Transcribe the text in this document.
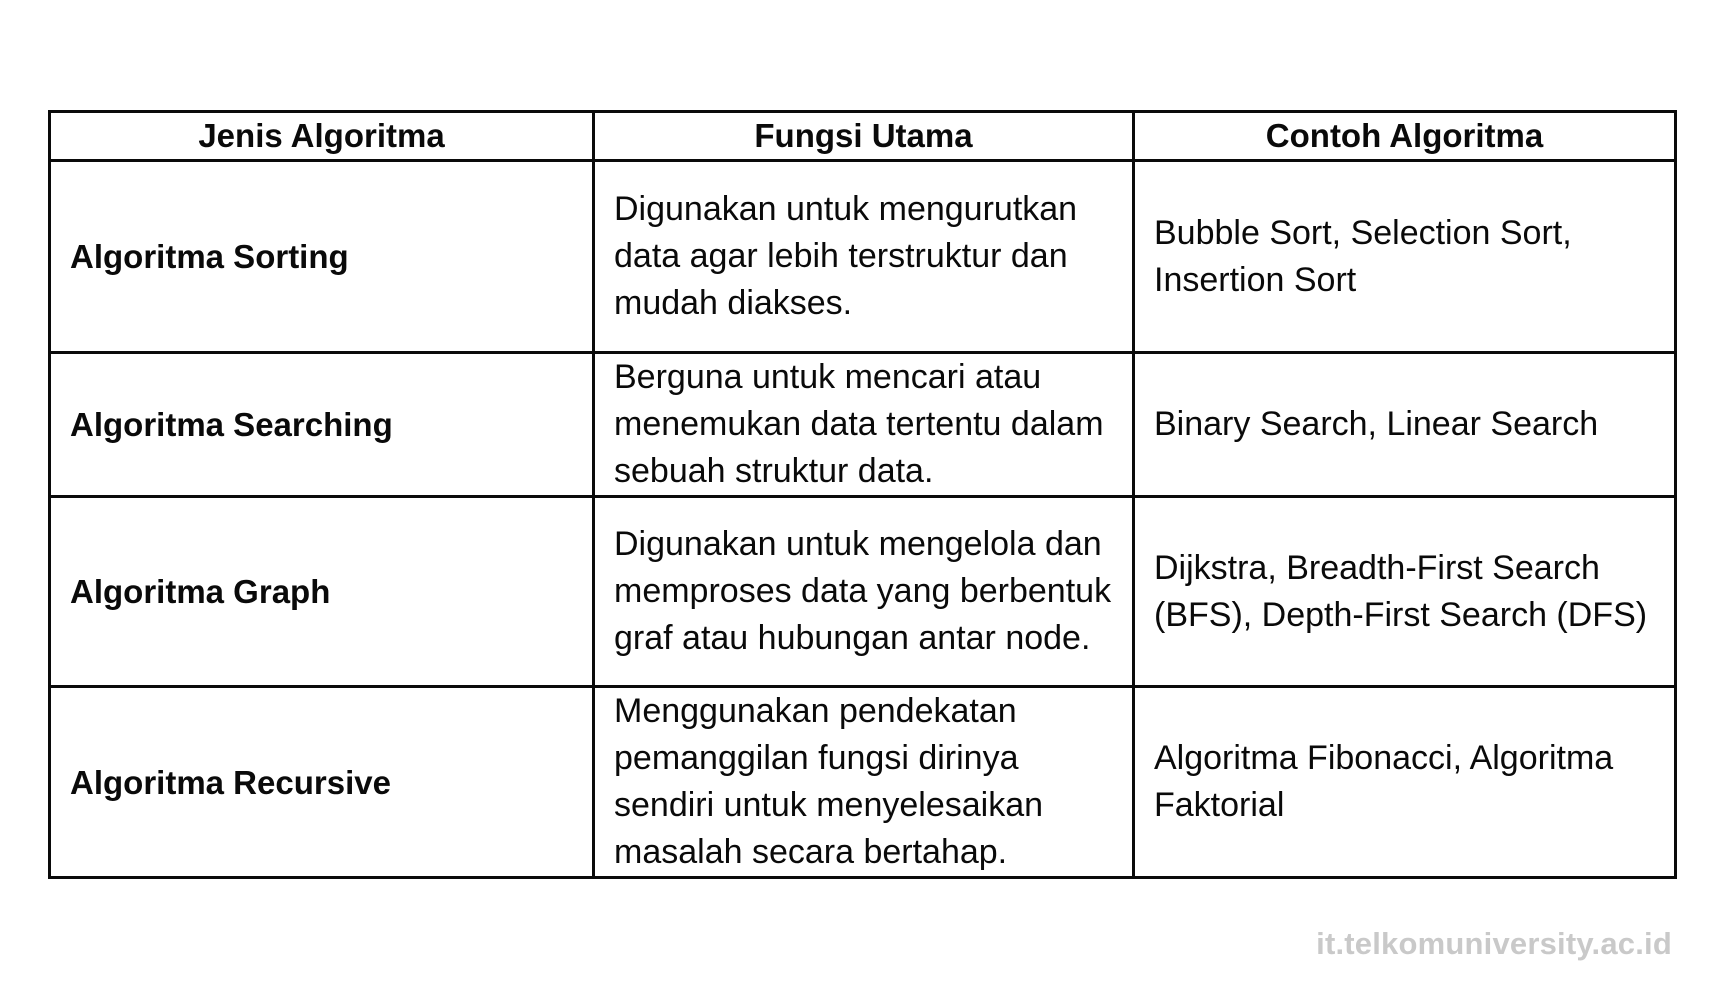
Jenis Algoritma	Fungsi Utama	Contoh Algoritma
Algoritma Sorting	Digunakan untuk mengurutkan data agar lebih terstruktur dan mudah diakses.	Bubble Sort, Selection Sort, Insertion Sort
Algoritma Searching	Berguna untuk mencari atau menemukan data tertentu dalam sebuah struktur data.	Binary Search, Linear Search
Algoritma Graph	Digunakan untuk mengelola dan memproses data yang berbentuk graf atau hubungan antar node.	Dijkstra, Breadth-First Search (BFS), Depth-First Search (DFS)
Algoritma Recursive	Menggunakan pendekatan pemanggilan fungsi dirinya sendiri untuk menyelesaikan masalah secara bertahap.	Algoritma Fibonacci, Algoritma Faktorial
it.telkomuniversity.ac.id
